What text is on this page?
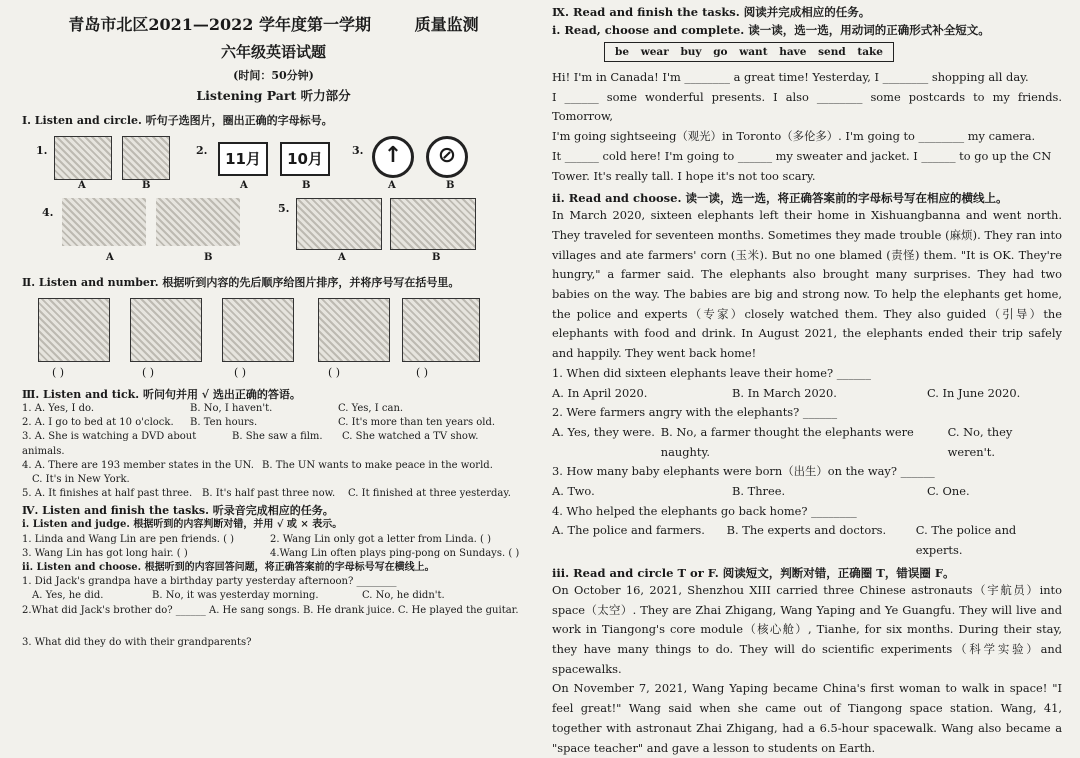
青岛市北区2021—2022 学年度第一学期	质量监测
六年级英语试题
(时间：50分钟)
Listening Part 听力部分
Ⅰ. Listen and circle. 听句子选图片，圈出正确的字母标号。
1.
A	B
2.	11月	10月
A	B
3. ↑	⊘
A	B
4.
A	B
5.
A	B
Ⅱ. Listen and number. 根据听到内容的先后顺序给图片排序，并将序号写在括号里。
( )	( )	( )	( )	( )
Ⅲ. Listen and tick. 听问句并用 √ 选出正确的答语。
1. A. Yes, I do.	B. No, I haven't.	C. Yes, I can.
2. A. I go to bed at 10 o'clock.	B. Ten hours.	C. It's more than ten years old.
3. A. She is watching a DVD about animals.
B. She saw a film.	C. She watched a TV show.
4. A. There are 193 member states in the UN. B. The UN wants to make peace in the world.
C. It's in New York.
5. A. It finishes at half past three. B. It's half past three now.	C. It finished at three yesterday.
Ⅳ. Listen and finish the tasks. 听录音完成相应的任务。
ⅰ. Listen and judge. 根据听到的内容判断对错，并用 √ 或 × 表示。
1. Linda and Wang Lin are pen friends. ( )	2. Wang Lin only got a letter from Linda. ( )
3. Wang Lin has got long hair. ( )	4.Wang Lin often plays ping-pong on Sundays. ( )
ⅱ. Listen and choose. 根据听到的内容回答问题，将正确答案前的字母标号写在横线上。
1. Did Jack's grandpa have a birthday party yesterday afternoon? ________
A. Yes, he did.	B. No, it was yesterday morning.	C. No, he didn't.
2.What did Jack's brother do? ______ A. He sang songs. B. He drank juice. C. He played the guitar.
3. What did they do with their grandparents?
Ⅸ. Read and finish the tasks. 阅读并完成相应的任务。
ⅰ. Read, choose and complete. 读一读，选一选，用动词的正确形式补全短文。
be wear buy go want have send take
Hi! I'm in Canada! I'm ________ a great time! Yesterday, I ________ shopping all day.
I ______ some wonderful presents. I also ________ some postcards to my friends. Tomorrow,
I'm going sightseeing（观光）in Toronto（多伦多）. I'm going to ________ my camera.
It ______ cold here! I'm going to ______ my sweater and jacket. I ______ to go up the CN
Tower. It's really tall. I hope it's not too scary.
ⅱ. Read and choose. 读一读，选一选，将正确答案前的字母标号写在相应的横线上。
In March 2020, sixteen elephants left their home in Xishuangbanna and went north. They traveled for seventeen months. Sometimes they made trouble (麻烦). They ran into villages and ate farmers' corn (玉米). But no one blamed (责怪) them. "It is OK. They're hungry," a farmer said. The elephants also brought many surprises. They had two babies on the way. The babies are big and strong now. To help the elephants get home, the police and experts（专家）closely watched them. They also guided（引导）the elephants with food and drink. In August 2021, the elephants ended their trip safely and happily. They went back home!
1. When did sixteen elephants leave their home? ______
A. In April 2020.	B. In March 2020.	C. In June 2020.
2. Were farmers angry with the elephants? ______
A. Yes, they were. B. No, a farmer thought the elephants were naughty.
C. No, they weren't.
3. How many baby elephants were born（出生）on the way? ______
A. Two.	B. Three.	C. One.
4. Who helped the elephants go back home? ________
A. The police and farmers.	B. The experts and doctors.	C. The police and experts.
ⅲ. Read and circle T or F. 阅读短文，判断对错，正确圈 T，错误圈 F。
On October 16, 2021, Shenzhou XIII carried three Chinese astronauts（宇航员）into space（太空）. They are Zhai Zhigang, Wang Yaping and Ye Guangfu. They will live and work in Tiangong's core module（核心舱）, Tianhe, for six months. During their stay, they have many things to do. They will do scientific experiments（科学实验）and spacewalks.
On November 7, 2021, Wang Yaping became China's first woman to walk in space! "I feel great!" Wang said when she came out of Tiangong space station. Wang, 41, together with astronaut Zhai Zhigang, had a 6.5-hour spacewalk. Wang also became a "space teacher" and gave a lesson to students on Earth.
